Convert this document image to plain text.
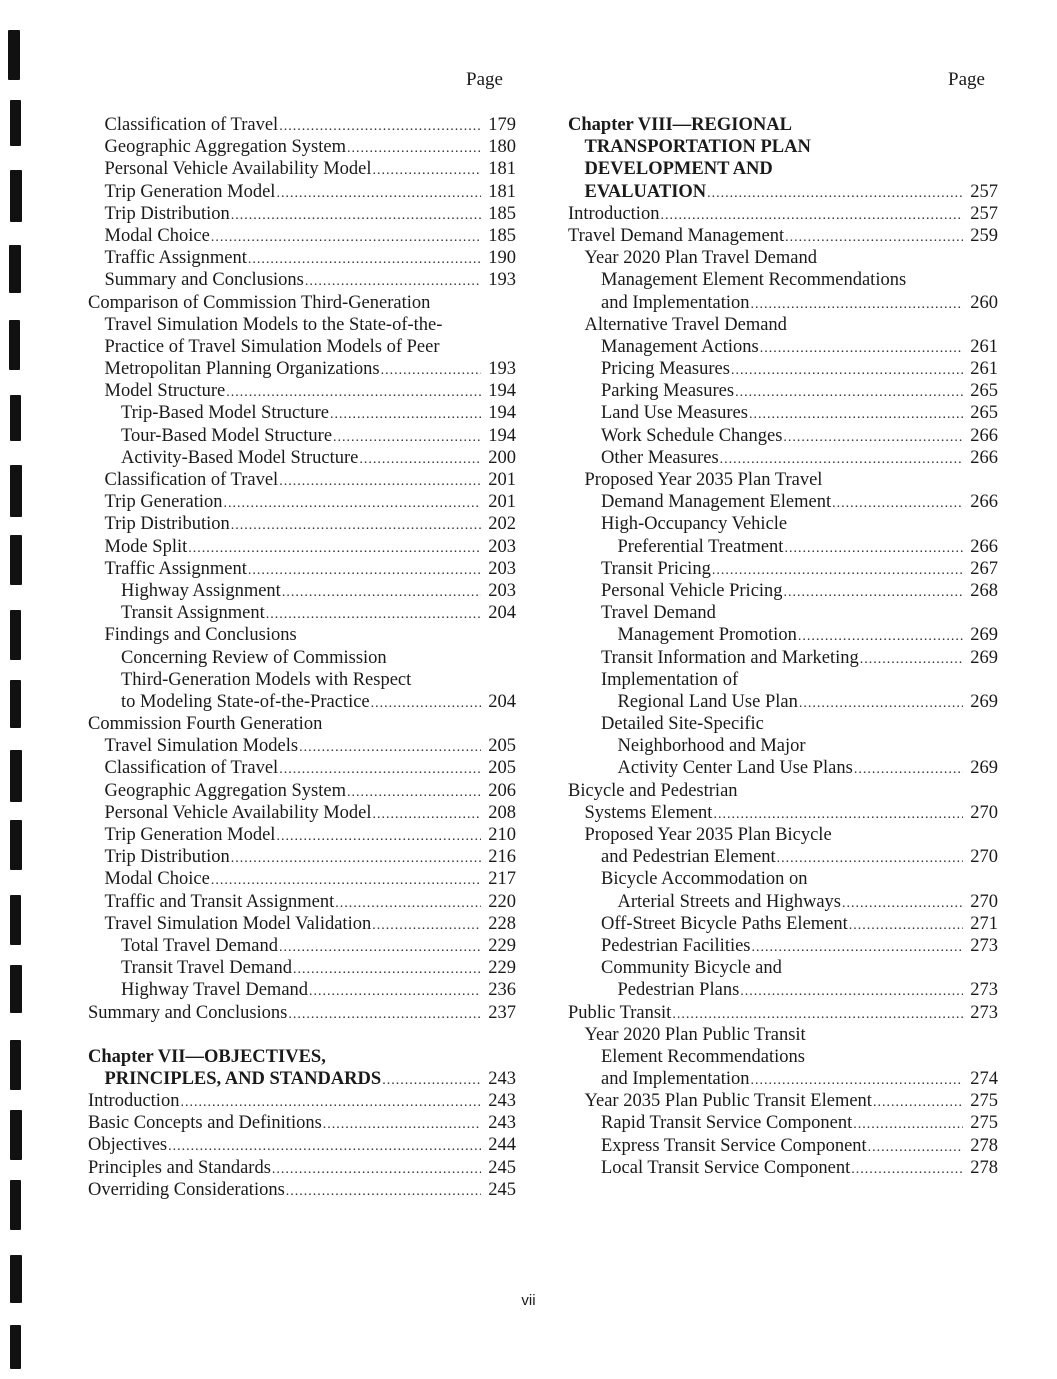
Page	Page
Classification of Travel .....	179
Geographic Aggregation System .....	180
Personal Vehicle Availability Model .....	181
Trip Generation Model .....	181
Trip Distribution .....	185
Modal Choice .....	185
Traffic Assignment .....	190
Summary and Conclusions .....	193
Comparison of Commission Third-Generation
Travel Simulation Models to the State-of-the-
Practice of Travel Simulation Models of Peer
Metropolitan Planning Organizations .....	193
Model Structure .....	194
Trip-Based Model Structure .....	194
Tour-Based Model Structure .....	194
Activity-Based Model Structure .....	200
Classification of Travel .....	201
Trip Generation .....	201
Trip Distribution .....	202
Mode Split .....	203
Traffic Assignment .....	203
Highway Assignment .....	203
Transit Assignment .....	204
Findings and Conclusions
Concerning Review of Commission
Third-Generation Models with Respect
to Modeling State-of-the-Practice .....	204
Commission Fourth Generation
Travel Simulation Models .....	205
Classification of Travel .....	205
Geographic Aggregation System .....	206
Personal Vehicle Availability Model .....	208
Trip Generation Model .....	210
Trip Distribution .....	216
Modal Choice .....	217
Traffic and Transit Assignment .....	220
Travel Simulation Model Validation .....	228
Total Travel Demand .....	229
Transit Travel Demand .....	229
Highway Travel Demand .....	236
Summary and Conclusions .....	237
Chapter VII—OBJECTIVES,
PRINCIPLES, AND STANDARDS .....	243
Introduction .....	243
Basic Concepts and Definitions .....	243
Objectives .....	244
Principles and Standards .....	245
Overriding Considerations .....	245
Chapter VIII—REGIONAL
TRANSPORTATION PLAN
DEVELOPMENT AND
EVALUATION .....	257
Introduction .....	257
Travel Demand Management .....	259
Year 2020 Plan Travel Demand
Management Element Recommendations
and Implementation .....	260
Alternative Travel Demand
Management Actions .....	261
Pricing Measures .....	261
Parking Measures .....	265
Land Use Measures .....	265
Work Schedule Changes .....	266
Other Measures .....	266
Proposed Year 2035 Plan Travel
Demand Management Element .....	266
High-Occupancy Vehicle
Preferential Treatment .....	266
Transit Pricing .....	267
Personal Vehicle Pricing .....	268
Travel Demand
Management Promotion .....	269
Transit Information and Marketing .....	269
Implementation of
Regional Land Use Plan .....	269
Detailed Site-Specific
Neighborhood and Major
Activity Center Land Use Plans .....	269
Bicycle and Pedestrian
Systems Element .....	270
Proposed Year 2035 Plan Bicycle
and Pedestrian Element .....	270
Bicycle Accommodation on
Arterial Streets and Highways .....	270
Off-Street Bicycle Paths Element .....	271
Pedestrian Facilities .....	273
Community Bicycle and
Pedestrian Plans .....	273
Public Transit .....	273
Year 2020 Plan Public Transit
Element Recommendations
and Implementation .....	274
Year 2035 Plan Public Transit Element .....	275
Rapid Transit Service Component .....	275
Express Transit Service Component .....	278
Local Transit Service Component .....	278
vii
